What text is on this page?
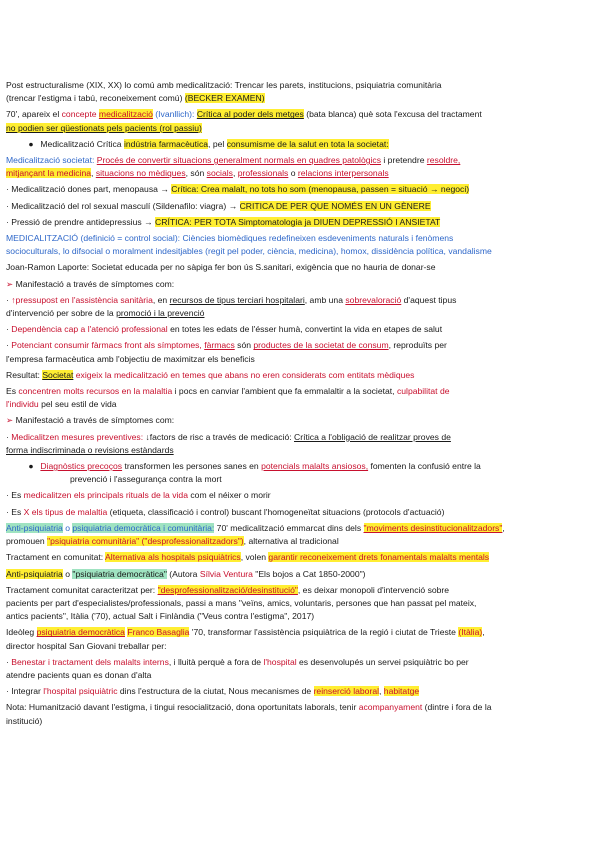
Post estructuralisme (XIX, XX) lo comú amb medicalització: Trencar les parets, institucions, psiquiatria comunitària
(trencar l'estigma i tabú, reconeixement comú) (BECKER EXAMEN)
70', apareix el concepte medicalització (Ivanllich): Crítica al poder dels metges (bata blanca) què sota l'excusa del tractament
no podien ser qüestionats pels pacients (rol passiu)
● Medicalització Crítica indústria farmacèutica, pel consumisme de la salut en tota la societat:
Medicalització societat: Procés de convertir situacions generalment normals en quadres patològics i pretendre resoldre,
mitjançant la medicina, situacions no mèdiques, són socials, professionals o relacions interpersonals
· Medicalització dones part, menopausa → Crítica: Crea malalt, no tots ho som (menopausa, passen = situació → negoci)
· Medicalització del rol sexual masculí (Sildenafilo: viagra) → CRITICA DE PER QUE NOMÉS EN UN GÈNERE
· Pressió de prendre antidepressius → CRÍTICA: PER TOTA Simptomatologia ja DIUEN DEPRESSIÓ I ANSIETAT
MEDICALITZACIÓ (definició = control social): Ciències biomèdiques redefineixen esdeveniments naturals i fenòmens
socioculturals, lo difsocial o moralment indesitjables (regit pel poder, ciència, medicina), homox, dissidència política, vandalisme
Joan-Ramon Laporte: Societat educada per no sàpiga fer bon ús S.sanitari, exigència que no hauria de donar-se
➢ Manifestació a través de símptomes com:
· ↑pressupost en l'assistència sanitària, en recursos de tipus terciari hospitalari, amb una sobrevaloració d'aquest tipus
d'intervenció per sobre de la promoció i la prevenció
· Dependència cap a l'atenció professional en totes les edats de l'ésser humà, convertint la vida en etapes de salut
· Potenciant consumir fàrmacs front als símptomes, fàrmacs són productes de la societat de consum, reproduïts per
l'empresa farmacèutica amb l'objectiu de maximitzar els beneficis
Resultat: Societat exigeix la medicalització en temes que abans no eren considerats com entitats mèdiques
Es concentren molts recursos en la malaltia i pocs en canviar l'ambient que fa emmalaltir a la societat, culpabilitat de
l'individu pel seu estil de vida
➢ Manifestació a través de símptomes com:
· Medicalitzen mesures preventives: ↓factors de risc a través de medicació: Crítica a l'obligació de realitzar proves de
forma indiscriminada o revisions estàndards
● Diagnòstics precoços transformen les persones sanes en potencials malalts ansiosos, fomenten la confusió entre la
prevenció i l'assegurança contra la mort
· Es medicalitzen els principals rituals de la vida com el néixer o morir
· Es X els tipus de malaltia (etiqueta, classificació i control) buscant l'homogeneïtat situacions (protocols d'actuació)
Anti-psiquiatria o psiquiatria democràtica i comunitària: 70' medicalització emmarcat dins dels "moviments desinstitucionalitzadors",
promouen "psiquiatria comunitària" ("desprofessionalitzadors"), alternativa al tradicional
Tractament en comunitat: Alternativa als hospitals psiquiàtrics, volen garantir reconeixement drets fonamentals malalts mentals
Anti-psiquiatria o "psiquiatria democràtica" (Autora Sílvia Ventura "Els bojos a Cat 1850-2000")
Tractament comunitat caracteritzat per: "desprofessionalització/desinstitució", es deixar monopoli d'intervenció sobre
pacients per part d'especialistes/professionals, passi a mans "veïns, amics, voluntaris, persones que han passat pel mateix,
antics pacients", Itàlia ('70), actual Salt i Finlàndia ("Veus contra l'estigma", 2017)
Ideòleg psiquiatria democràtica Franco Basaglia '70, transformar l'assistència psiquiàtrica de la regió i ciutat de Trieste (Itàlia),
director hospital San Giovani treballar per:
· Benestar i tractament dels malalts interns, i lluità perquè a fora de l'hospital es desenvolupés un servei psiquiàtric bo per
atendre pacients quan es donan d'alta
· Integrar l'hospital psiquiàtric dins l'estructura de la ciutat, Nous mecanismes de reinserció laboral, habitatge
Nota: Humanització davant l'estigma, i tingui resocialització, dona oportunitats laborals, tenir acompanyament (dintre i fora de la
institució)
